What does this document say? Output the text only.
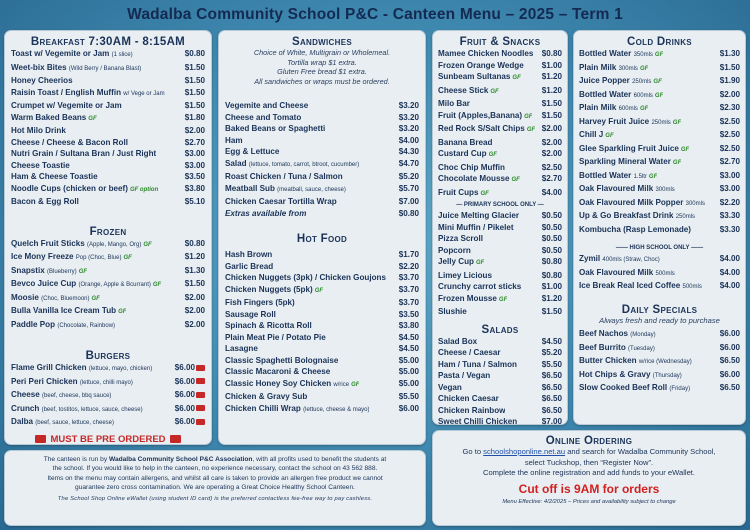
Wadalba Community School P&C - Canteen Menu – 2025 – Term 1
Breakfast 7:30AM - 8:15AM
Toast w/ Vegemite or Jam (1 slice)	$0.80
Weet-bix Bites (Wild Berry / Banana Blast)	$1.50
Honey Cheerios	$1.50
Raisin Toast / English Muffin w/ Vege or Jam $1.50
Crumpet w/ Vegemite or Jam	$1.50
Warm Baked Beans GF	$1.80
Hot Milo Drink	$2.00
Cheese / Cheese & Bacon Roll	$2.70
Nutri Grain / Sultana Bran / Just Right	$3.00
Cheese Toastie	$3.00
Ham & Cheese Toastie	$3.50
Noodle Cups (chicken or beef) GF option	$3.80
Bacon & Egg Roll	$5.10
Frozen
Quelch Fruit Sticks (Apple, Mango, Org) GF	$0.80
Ice Mony Freeze Pop (Choc, Blue) GF	$1.20
Snapstix (Blueberry) GF	$1.30
Bevco Juice Cup (Orange, Apple & Bcurrant) GF	$1.50
Moosie (Choc, Bluemoon) GF	$2.00
Bulla Vanilla Ice Cream Tub GF	$2.00
Paddle Pop (Chocolate, Rainbow)	$2.00
Burgers
Flame Grill Chicken (lettuce, mayo, chicken)	$6.00
Peri Peri Chicken (lettuce, chilli mayo)	$6.00
Cheese (beef, cheese, bbq sauce)	$6.00
Crunch (beef, tostitos, lettuce, sauce, cheese)	$6.00
Dalba (beef, sauce, lettuce, cheese)	$6.00
MUST BE PRE ORDERED
Sandwiches
Choice of White, Multigrain or Wholemeal.
Tortilla wrap $1 extra.
Gluten Free bread $1 extra.
All sandwiches or wraps must be ordered.
Vegemite and Cheese	$3.20
Cheese and Tomato	$3.20
Baked Beans or Spaghetti	$3.20
Ham	$4.00
Egg & Lettuce	$4.30
Salad (lettuce, tomato, carrot, btroot, cucumber)	$4.70
Roast Chicken / Tuna / Salmon	$5.20
Meatball Sub (meatball, sauce, cheese)	$5.70
Chicken Caesar Tortilla Wrap	$7.00
Extras available from	$0.80
Hot Food
Hash Brown	$1.70
Garlic Bread	$2.20
Chicken Nuggets (3pk) / Chicken Goujons $3.70
Chicken Nuggets (5pk) GF	$3.70
Fish Fingers (5pk)	$3.70
Sausage Roll	$3.50
Spinach & Ricotta Roll	$3.80
Plain Meat Pie / Potato Pie	$4.50
Lasagne	$4.50
Classic Spaghetti Bolognaise	$5.00
Classic Macaroni & Cheese	$5.00
Classic Honey Soy Chicken w/rice GF	$5.00
Chicken & Gravy Sub	$5.50
Chicken Chilli Wrap (lettuce, cheese & mayo)	$6.00
Fruit & Snacks
Mamee Chicken Noodles $0.80
Frozen Orange Wedge $1.00
Sunbeam Sultanas GF	$1.20
Cheese Stick GF	$1.20
Milo Bar	$1.50
Fruit (Apples,Banana) GF $1.50
Red Rock S/Salt Chips GF $2.00
Banana Bread	$2.00
Custard Cup GF	$2.00
Choc Chip Muffin	$2.50
Chocolate Mousse GF	$2.70
Fruit Cups GF	$4.00
— PRIMARY SCHOOL ONLY —
Juice Melting Glacier	$0.50
Mini Muffin / Pikelet	$0.50
Pizza Scroll	$0.50
Popcorn	$0.50
Jelly Cup GF	$0.80
Limey Licious	$0.80
Crunchy carrot sticks	$1.00
Frozen Mousse GF	$1.20
Slushie	$1.50
Salads
Salad Box	$4.50
Cheese / Caesar	$5.20
Ham / Tuna / Salmon	$5.50
Pasta / Vegan	$6.50
Vegan	$6.50
Chicken Caesar	$6.50
Chicken Rainbow	$6.50
Sweet Chilli Chicken	$7.00
Cold Drinks
Bottled Water 350mls GF	$1.30
Plain Milk 300mls GF	$1.50
Juice Popper 250mls GF	$1.90
Bottled Water 600mls GF	$2.00
Plain Milk 600mls GF	$2.30
Harvey Fruit Juice 250mls GF	$2.50
Chill J GF	$2.50
Glee Sparkling Fruit Juice GF	$2.50
Sparkling Mineral Water GF	$2.70
Bottled Water 1.5ltr GF	$3.00
Oak Flavoured Milk 300mls	$3.00
Oak Flavoured Milk Popper 300mls $2.20
Up & Go Breakfast Drink 250mls	$3.30
Kombucha (Rasp Lemonade)	$3.30
—— HIGH SCHOOL ONLY ——
Zymil 400mls (Straw, Choc)	$4.00
Oak Flavoured Milk 500mls	$4.00
Ice Break Real Iced Coffee 500mls $4.00
Daily Specials
Always fresh and ready to purchase
Beef Nachos (Monday)	$6.00
Beef Burrito (Tuesday)	$6.00
Butter Chicken w/rice (Wednesday)	$6.50
Hot Chips & Gravy (Thursday)	$6.00
Slow Cooked Beef Roll (Friday)	$6.50
The canteen is run by Wadalba Community School P&C Association, with all profits used to benefit the students at
the school. If you would like to help in the canteen, no experience necessary, contact the school on 43 562 888.
Items on the menu may contain allergens, and whilst all care is taken to provide an allergen free product we cannot
guarantee zero cross contamination. We are operating a Great Choice Healthy School Canteen.
The School Shop Online eWallet (using student ID card) is the preferred contactless fee-free way to pay cashless.
Online Ordering
Go to schoolshoponline.net.au and search for Wadalba Community School,
select Tuckshop, then “Register Now”.
Complete the online registration and add funds to your eWallet.
Cut off is 9AM for orders
Menu Effective: 4/2/2025 – Prices and availability subject to change
